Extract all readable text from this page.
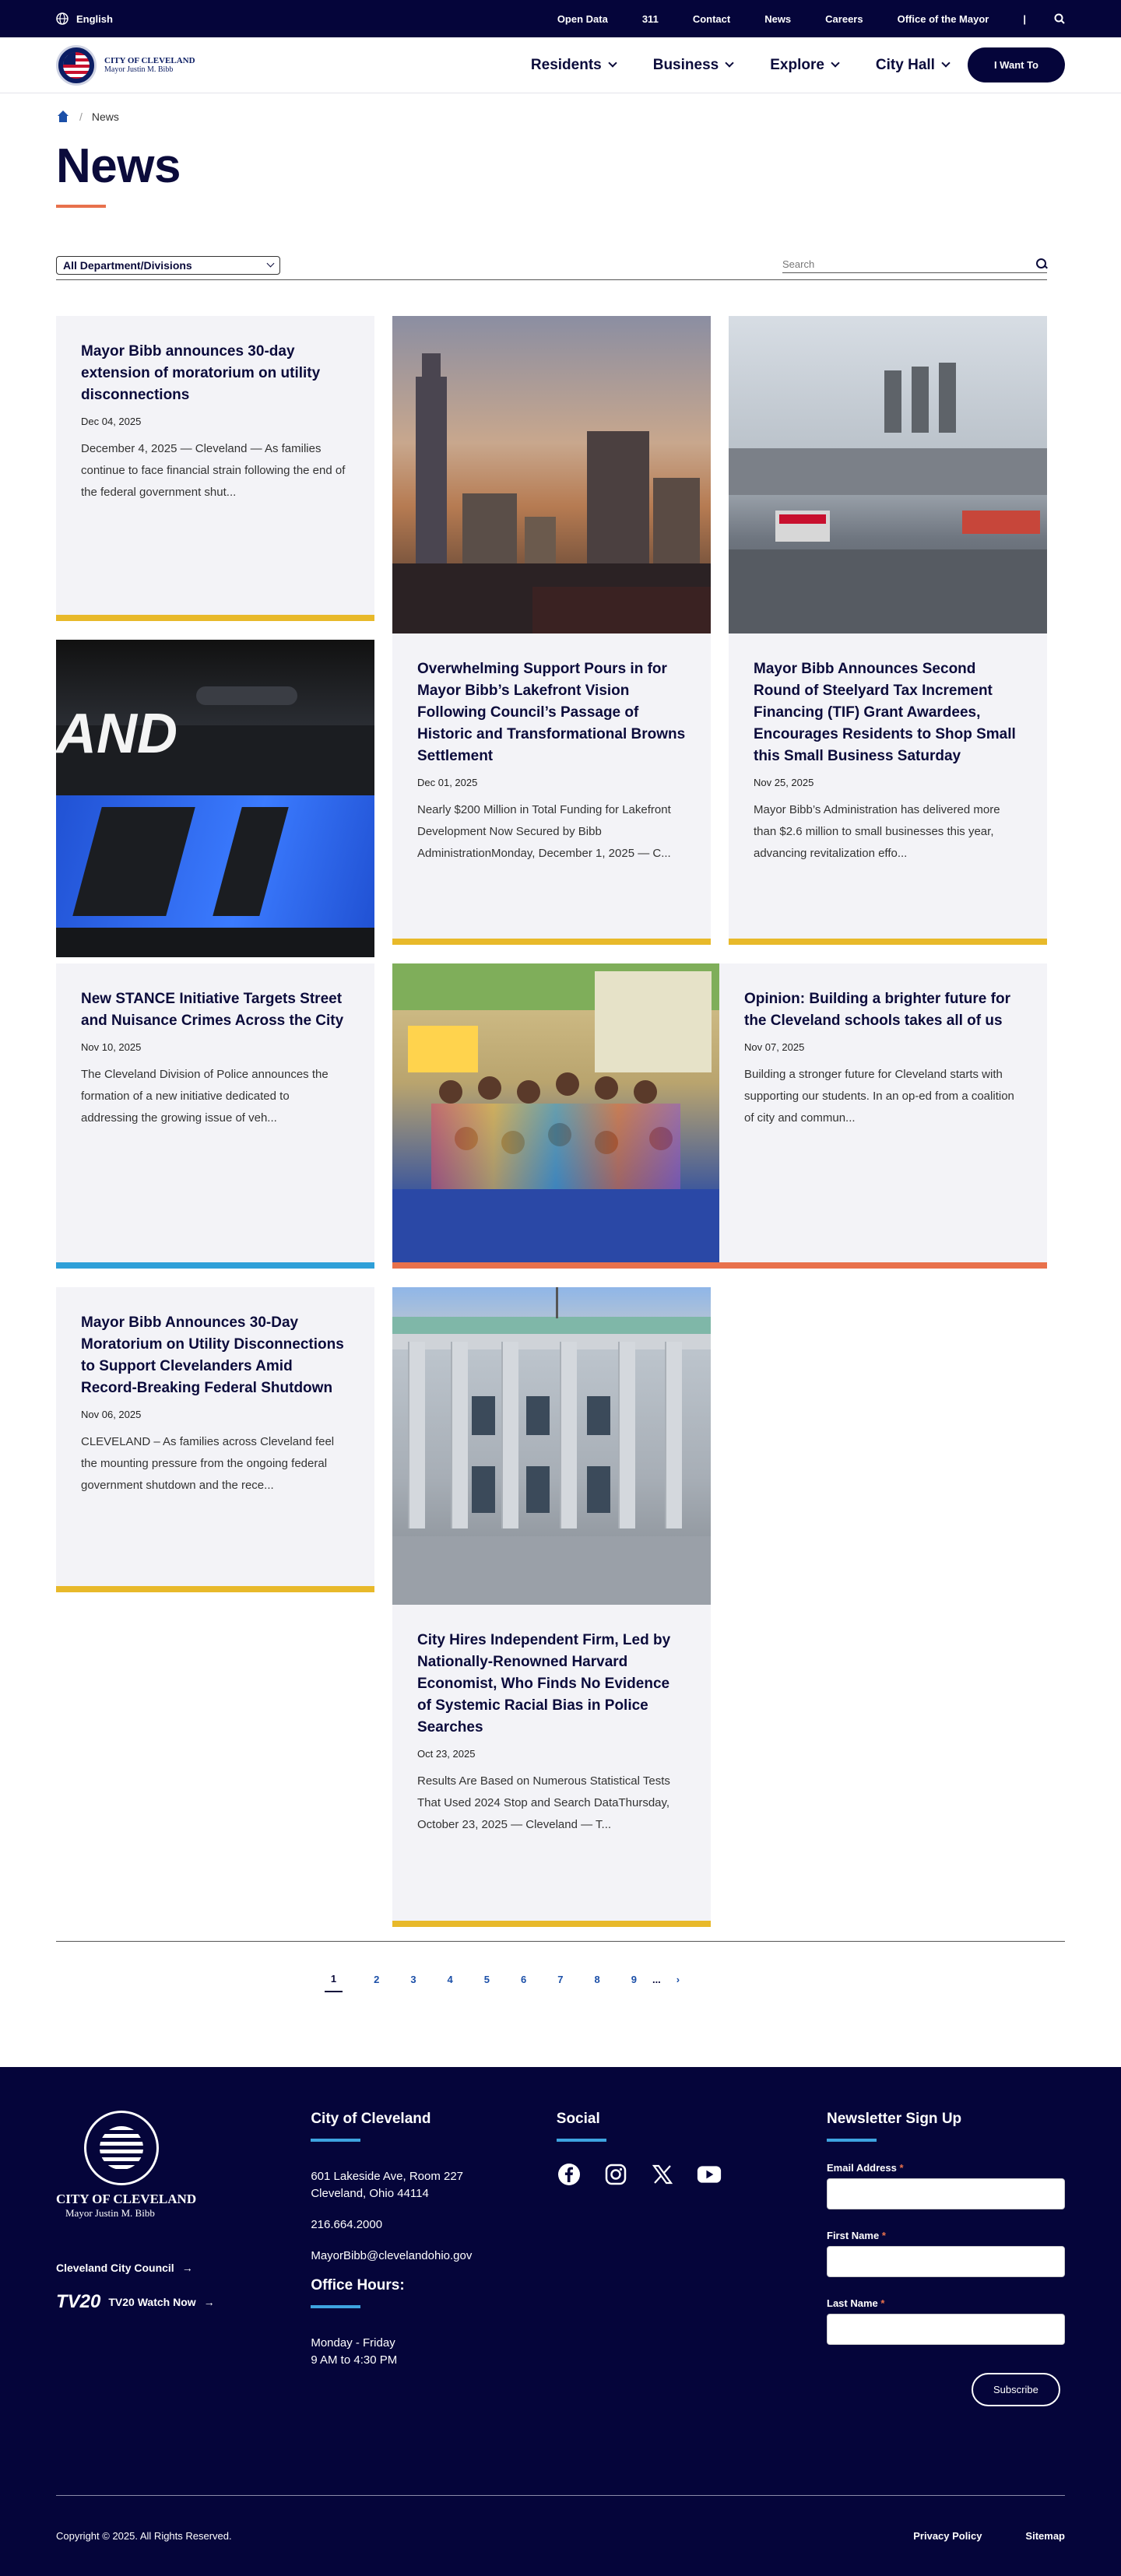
English	Open Data	311	Contact	News	Careers	Office of the Mayor	|
CITY OF CLEVELAND
Mayor Justin M. Bibb	Residents	Business	Explore	City Hall	I Want To
/ News
News
All Department/Divisions	Search
Mayor Bibb announces 30-day extension of moratorium on utility disconnections
Dec 04, 2025
December 4, 2025 — Cleveland — As families continue to face financial strain following the end of the federal government shut...
AND
Overwhelming Support Pours in for Mayor Bibb’s Lakefront Vision Following Council’s Passage of Historic and Transformational Browns Settlement
Dec 01, 2025
Nearly $200 Million in Total Funding for Lakefront Development Now Secured by Bibb AdministrationMonday, December 1, 2025 — C...
Mayor Bibb Announces Second Round of Steelyard Tax Increment Financing (TIF) Grant Awardees, Encourages Residents to Shop Small this Small Business Saturday
Nov 25, 2025
Mayor Bibb’s Administration has delivered more than $2.6 million to small businesses this year, advancing revitalization effo...
New STANCE Initiative Targets Street and Nuisance Crimes Across the City
Nov 10, 2025
The Cleveland Division of Police announces the formation of a new initiative dedicated to addressing the growing issue of veh...
Opinion: Building a brighter future for the Cleveland schools takes all of us
Nov 07, 2025
Building a stronger future for Cleveland starts with supporting our students. In an op-ed from a coalition of city and commun...
Mayor Bibb Announces 30-Day Moratorium on Utility Disconnections to Support Clevelanders Amid Record-Breaking Federal Shutdown
Nov 06, 2025
CLEVELAND – As families across Cleveland feel the mounting pressure from the ongoing federal government shutdown and the rece...
City Hires Independent Firm, Led by Nationally-Renowned Harvard Economist, Who Finds No Evidence of Systemic Racial Bias in Police Searches
Oct 23, 2025
Results Are Based on Numerous Statistical Tests That Used 2024 Stop and Search DataThursday, October 23, 2025 — Cleveland — T...
1	2	3	4	5	6	7	8	9 ... ›
CITY OF CLEVELAND
Mayor Justin M. Bibb
Cleveland City Council →
TV20 TV20 Watch Now →
City of Cleveland

601 Lakeside Ave, Room 227
Cleveland, Ohio 44114

216.664.2000

MayorBibb@clevelandohio.gov

Office Hours:

Monday - Friday
9 AM to 4:30 PM

Social	Newsletter Sign Up
Email Address *
First Name *
Last Name *
Subscribe
Copyright © 2025. All Rights Reserved.	Privacy Policy	Sitemap
